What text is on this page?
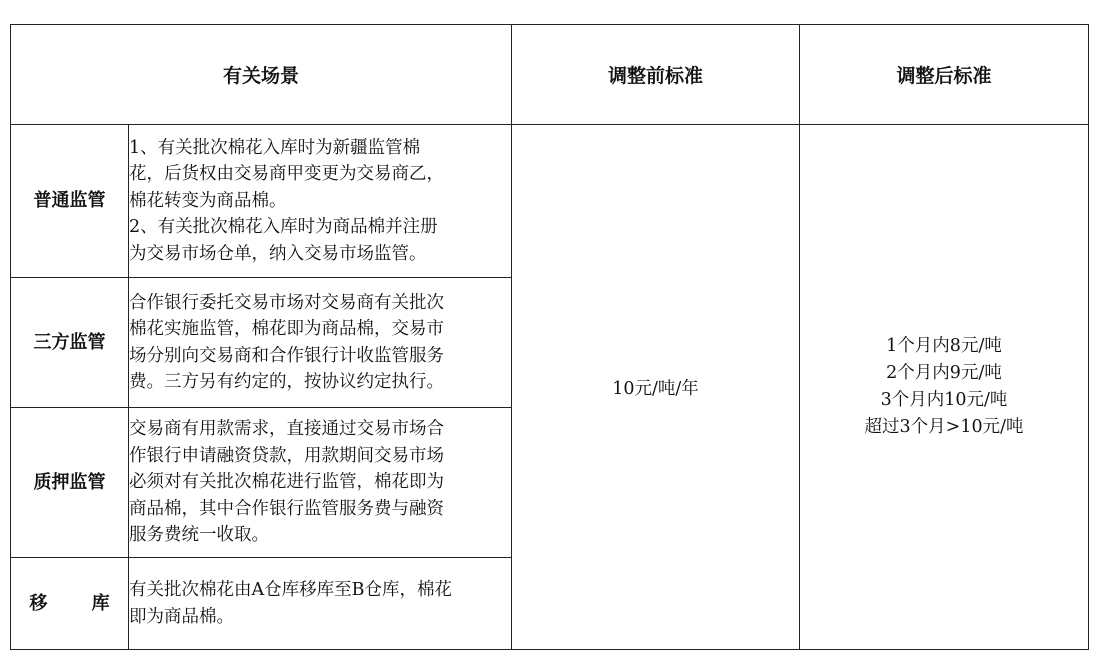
有关场景		调整前标准	调整后标准
普通监管	1、有关批次棉花入库时为新疆监管棉
花，后货权由交易商甲变更为交易商乙，
棉花转变为商品棉。
2、有关批次棉花入库时为商品棉并注册
为交易市场仓单，纳入交易市场监管。	10元/吨/年	1个月内8元/吨
2个月内9元/吨
3个月内10元/吨
超过3个月>10元/吨

三方监管	合作银行委托交易市场对交易商有关批次
棉花实施监管，棉花即为商品棉，交易市
场分别向交易商和合作银行计收监管服务
费。三方另有约定的，按协议约定执行。		

质押监管	交易商有用款需求，直接通过交易市场合
作银行申请融资贷款，用款期间交易市场
必须对有关批次棉花进行监管，棉花即为
商品棉，其中合作银行监管服务费与融资
服务费统一收取。		

移 库	有关批次棉花由A仓库移库至B仓库，棉花
即为商品棉。		
